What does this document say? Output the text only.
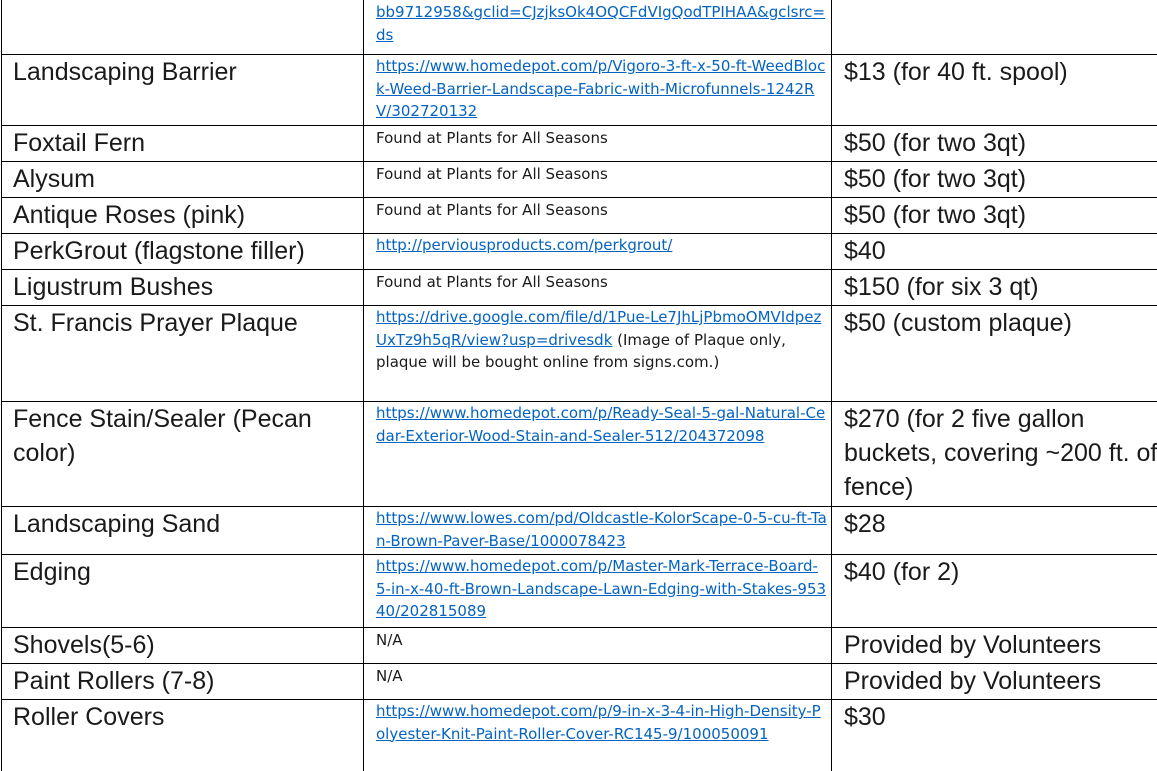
	bb9712958&gclid=CJzjksOk4OQCFdVIgQodTPIHAA&gclsrc=ds	

Landscaping Barrier	https://www.homedepot.com/p/Vigoro-3-ft-x-50-ft-WeedBlock-Weed-Barrier-Landscape-Fabric-with-Microfunnels-1242RV/302720132	$13 (for 40 ft. spool)

Foxtail Fern	Found at Plants for All Seasons	$50 (for two 3qt)

Alysum	Found at Plants for All Seasons	$50 (for two 3qt)

Antique Roses (pink)	Found at Plants for All Seasons	$50 (for two 3qt)

PerkGrout (flagstone filler)	http://perviousproducts.com/perkgrout/	$40

Ligustrum Bushes	Found at Plants for All Seasons	$150 (for six 3 qt)

St. Francis Prayer Plaque	https://drive.google.com/file/d/1Pue-Le7JhLjPbmoOMVIdpezUxTz9h5qR/view?usp=drivesdk (Image of Plaque only, plaque will be bought online from signs.com.)	$50 (custom plaque)

Fence Stain/Sealer (Pecan color)	https://www.homedepot.com/p/Ready-Seal-5-gal-Natural-Cedar-Exterior-Wood-Stain-and-Sealer-512/204372098	$270 (for 2 five gallon buckets, covering ~200 ft. of fence)

Landscaping Sand	https://www.lowes.com/pd/Oldcastle-KolorScape-0-5-cu-ft-Tan-Brown-Paver-Base/1000078423	$28

Edging	https://www.homedepot.com/p/Master-Mark-Terrace-Board-5-in-x-40-ft-Brown-Landscape-Lawn-Edging-with-Stakes-95340/202815089	$40 (for 2)

Shovels(5-6)	N/A	Provided by Volunteers

Paint Rollers (7-8)	N/A	Provided by Volunteers

Roller Covers	https://www.homedepot.com/p/9-in-x-3-4-in-High-Density-Polyester-Knit-Paint-Roller-Cover-RC145-9/100050091	$30
